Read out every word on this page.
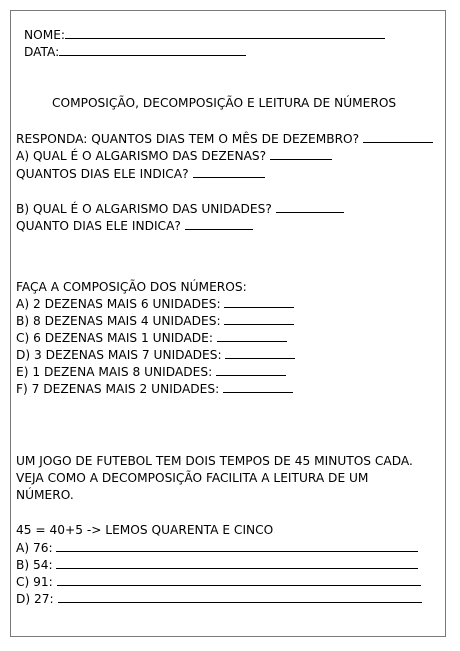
NOME:
DATA:
COMPOSIÇÃO, DECOMPOSIÇÃO E LEITURA DE NÚMEROS
RESPONDA: QUANTOS DIAS TEM O MÊS DE DEZEMBRO?
A) QUAL É O ALGARISMO DAS DEZENAS?
QUANTOS DIAS ELE INDICA?
B) QUAL É O ALGARISMO DAS UNIDADES?
QUANTO DIAS ELE INDICA?
FAÇA A COMPOSIÇÃO DOS NÚMEROS:
A) 2 DEZENAS MAIS 6 UNIDADES:
B) 8 DEZENAS MAIS 4 UNIDADES:
C) 6 DEZENAS MAIS 1 UNIDADE:
D) 3 DEZENAS MAIS 7 UNIDADES:
E) 1 DEZENA MAIS 8 UNIDADES:
F) 7 DEZENAS MAIS 2 UNIDADES:
UM JOGO DE FUTEBOL TEM DOIS TEMPOS DE 45 MINUTOS CADA.
VEJA COMO A DECOMPOSIÇÃO FACILITA A LEITURA DE UM
NÚMERO.
45 = 40+5 -> LEMOS QUARENTA E CINCO
A) 76:
B) 54:
C) 91:
D) 27:
